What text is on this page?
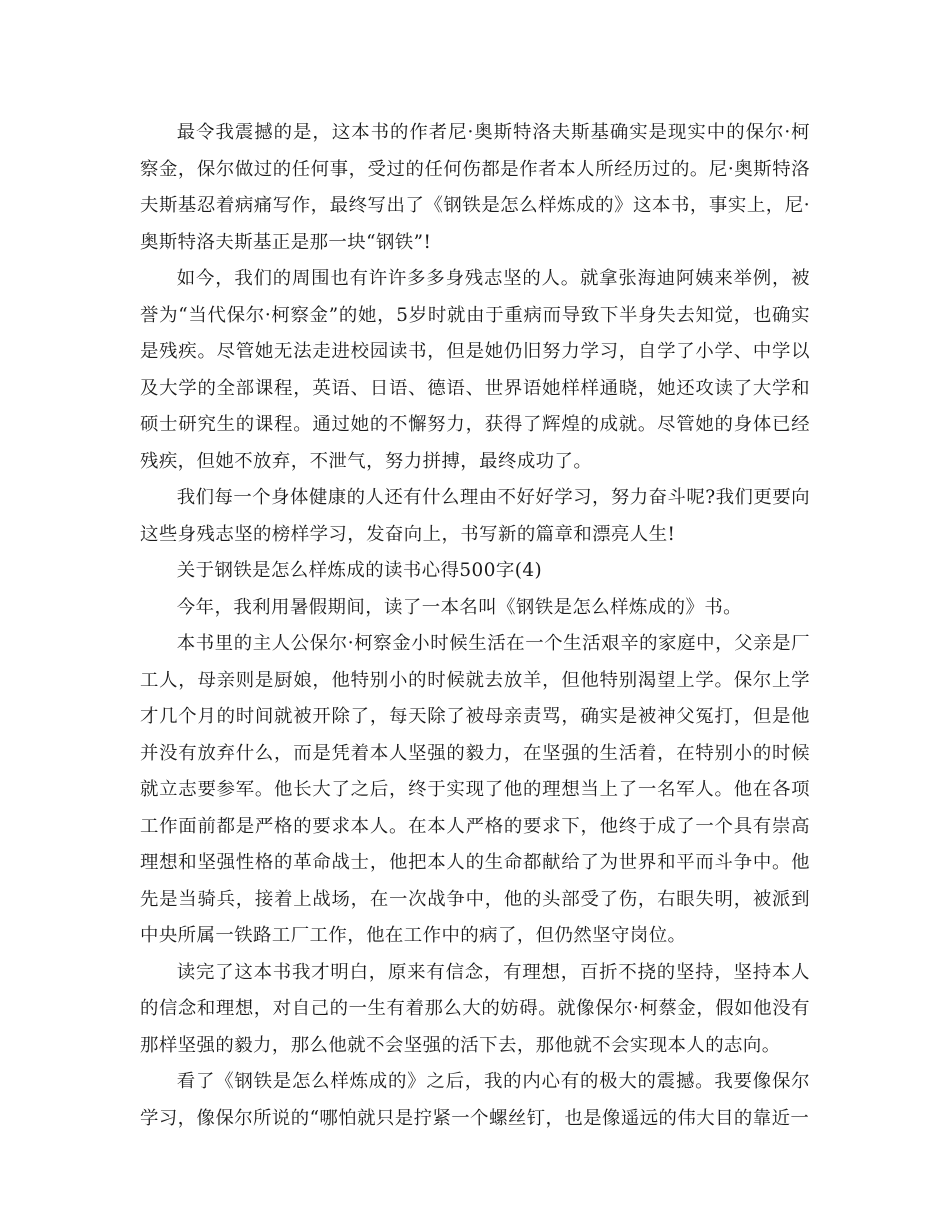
最令我震撼的是，这本书的作者尼·奥斯特洛夫斯基确实是现实中的保尔·柯察金，保尔做过的任何事，受过的任何伤都是作者本人所经历过的。尼·奥斯特洛夫斯基忍着病痛写作，最终写出了《钢铁是怎么样炼成的》这本书，事实上，尼·奥斯特洛夫斯基正是那一块“钢铁”!

如今，我们的周围也有许许多多身残志坚的人。就拿张海迪阿姨来举例，被誉为“当代保尔·柯察金”的她，5岁时就由于重病而导致下半身失去知觉，也确实是残疾。尽管她无法走进校园读书，但是她仍旧努力学习，自学了小学、中学以及大学的全部课程，英语、日语、德语、世界语她样样通晓，她还攻读了大学和硕士研究生的课程。通过她的不懈努力，获得了辉煌的成就。尽管她的身体已经残疾，但她不放弃，不泄气，努力拼搏，最终成功了。

我们每一个身体健康的人还有什么理由不好好学习，努力奋斗呢?我们更要向这些身残志坚的榜样学习，发奋向上，书写新的篇章和漂亮人生!

关于钢铁是怎么样炼成的读书心得500字(4)

今年，我利用暑假期间，读了一本名叫《钢铁是怎么样炼成的》书。

本书里的主人公保尔·柯察金小时候生活在一个生活艰辛的家庭中，父亲是厂工人，母亲则是厨娘，他特别小的时候就去放羊，但他特别渴望上学。保尔上学才几个月的时间就被开除了，每天除了被母亲责骂，确实是被神父冤打，但是他并没有放弃什么，而是凭着本人坚强的毅力，在坚强的生活着，在特别小的时候就立志要参军。他长大了之后，终于实现了他的理想当上了一名军人。他在各项工作面前都是严格的要求本人。在本人严格的要求下，他终于成了一个具有崇高理想和坚强性格的革命战士，他把本人的生命都献给了为世界和平而斗争中。他先是当骑兵，接着上战场，在一次战争中，他的头部受了伤，右眼失明，被派到中央所属一铁路工厂工作，他在工作中的病了，但仍然坚守岗位。

读完了这本书我才明白，原来有信念，有理想，百折不挠的坚持，坚持本人的信念和理想，对自己的一生有着那么大的妨碍。就像保尔·柯蔡金，假如他没有那样坚强的毅力，那么他就不会坚强的活下去，那他就不会实现本人的志向。

看了《钢铁是怎么样炼成的》之后，我的内心有的极大的震撼。我要像保尔学习，像保尔所说的“哪怕就只是拧紧一个螺丝钉，也是像遥远的伟大目的靠近一
